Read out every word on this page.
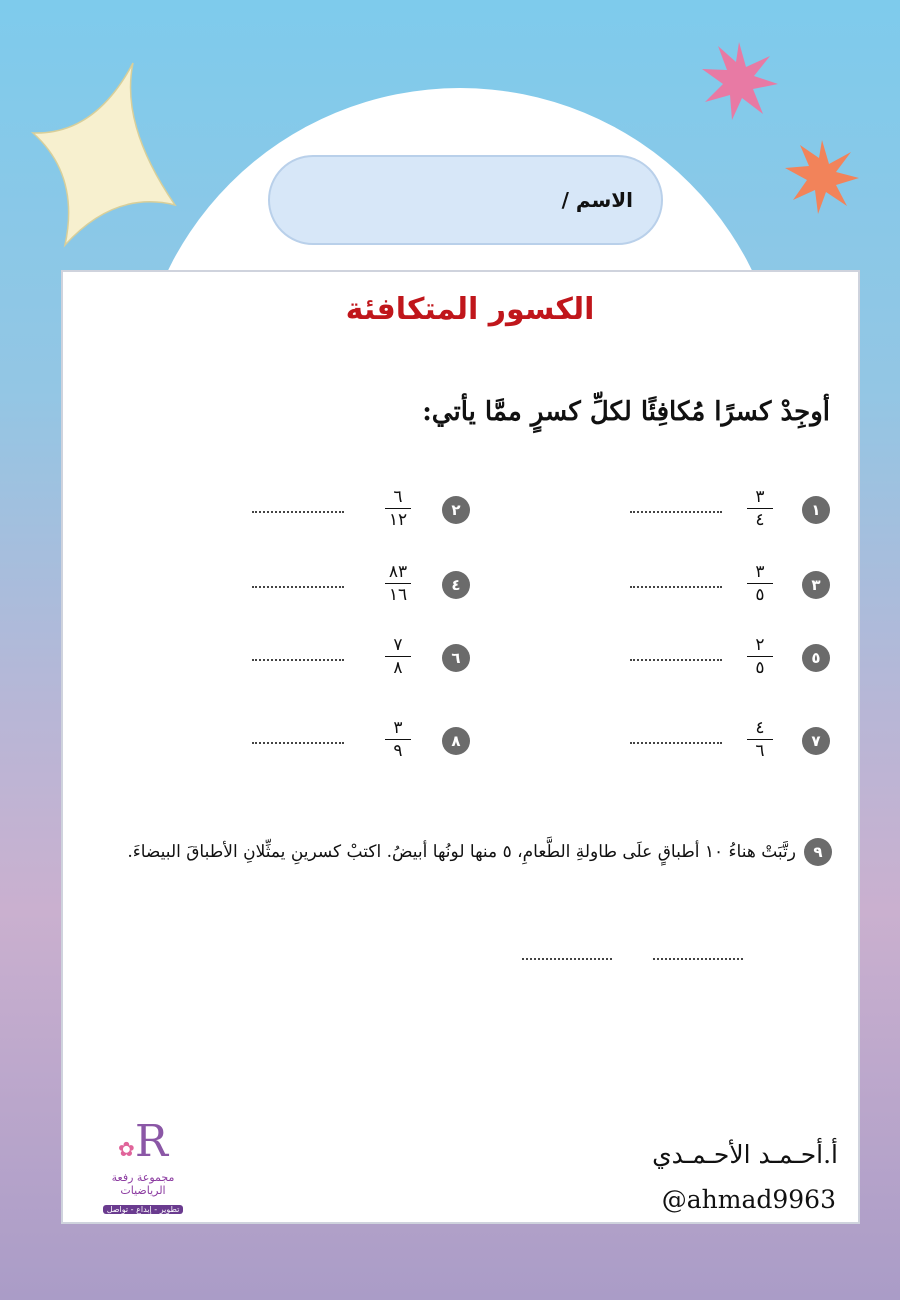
الاسم /
الكسور المتكافئة
أوجِدْ كسرًا مُكافِئًا لكلِّ كسرٍ ممَّا يأتي:
١
٣
٤
٢
٦
١٢
٣
٣
٥
٤
٨٣
١٦
٥
٢
٥
٦
٧
٨
٧
٤
٦
٨
٣
٩
٩
رتَّبَتْ هناءُ ١٠ أطباقٍ علَى طاولةِ الطَّعامِ، ٥ منها لونُها أبيضُ. اكتبْ كسرينِ يمثِّلانِ الأطباقَ البيضاءَ.
R✿
مجموعة رفعة الرياضيات
تطوير - إبداع - تواصل
أ.أحـمـد الأحـمـدي
@ahmad9963
